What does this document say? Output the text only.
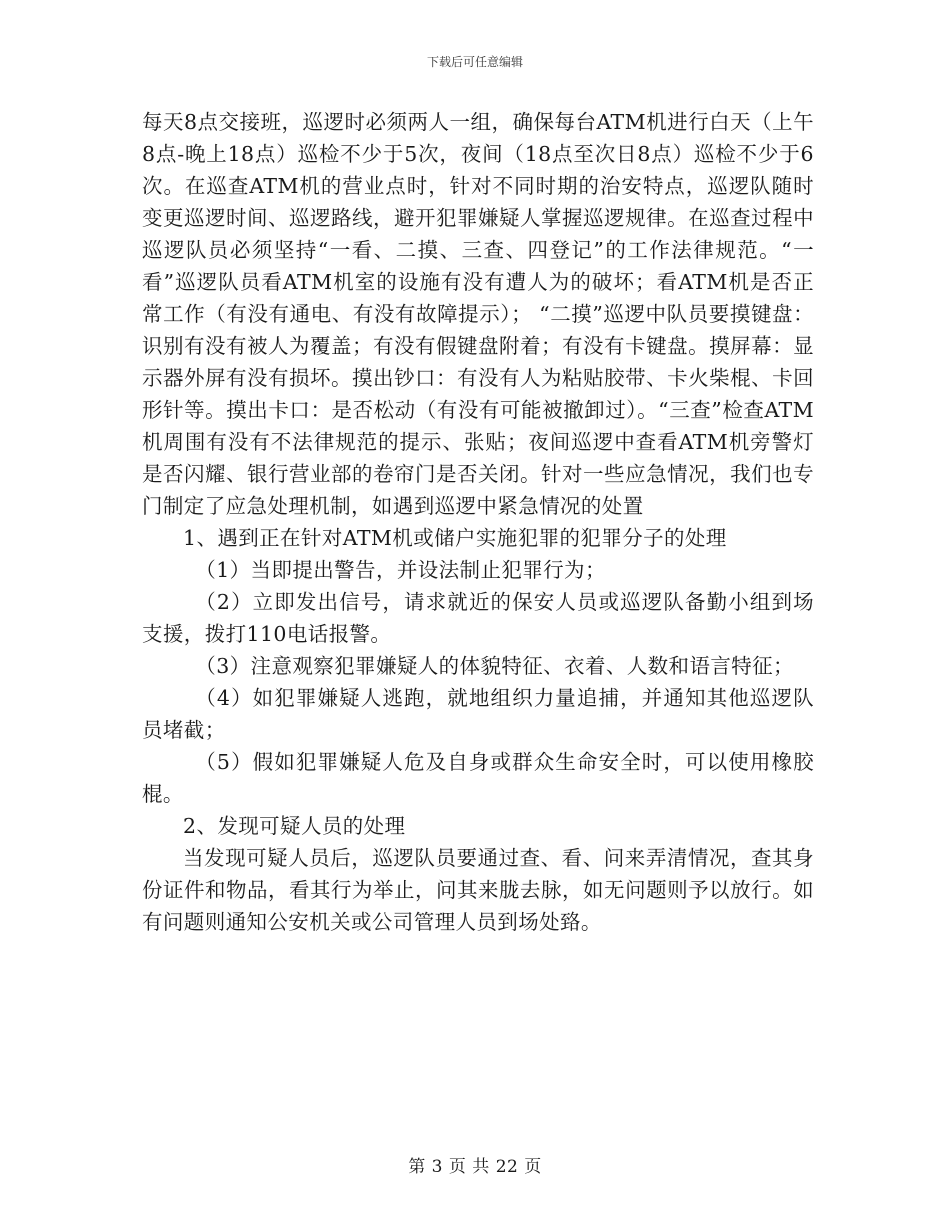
下载后可任意编辑

每天8点交接班，巡逻时必须两人一组，确保每台ATM机进行白天（上午8点-晚上18点）巡检不少于5次，夜间（18点至次日8点）巡检不少于6次。在巡查ATM机的营业点时，针对不同时期的治安特点，巡逻队随时变更巡逻时间、巡逻路线，避开犯罪嫌疑人掌握巡逻规律。在巡查过程中巡逻队员必须坚持“一看、二摸、三查、四登记”的工作法律规范。“一看”巡逻队员看ATM机室的设施有没有遭人为的破坏；看ATM机是否正常工作（有没有通电、有没有故障提示）； “二摸”巡逻中队员要摸键盘：识别有没有被人为覆盖；有没有假键盘附着；有没有卡键盘。摸屏幕：显示器外屏有没有损坏。摸出钞口：有没有人为粘贴胶带、卡火柴棍、卡回形针等。摸出卡口：是否松动（有没有可能被撤卸过）。“三查”检查ATM机周围有没有不法律规范的提示、张贴；夜间巡逻中查看ATM机旁警灯是否闪耀、银行营业部的卷帘门是否关闭。针对一些应急情况，我们也专门制定了应急处理机制，如遇到巡逻中紧急情况的处置

1、遇到正在针对ATM机或储户实施犯罪的犯罪分子的处理

（1）当即提出警告，并设法制止犯罪行为；

（2）立即发出信号，请求就近的保安人员或巡逻队备勤小组到场支援，拨打110电话报警。

（3）注意观察犯罪嫌疑人的体貌特征、衣着、人数和语言特征；

（4）如犯罪嫌疑人逃跑，就地组织力量追捕，并通知其他巡逻队员堵截；

（5）假如犯罪嫌疑人危及自身或群众生命安全时，可以使用橡胶棍。

2、发现可疑人员的处理

当发现可疑人员后，巡逻队员要通过查、看、问来弄清情况，查其身份证件和物品，看其行为举止，问其来胧去脉，如无问题则予以放行。如有问题则通知公安机关或公司管理人员到场处臵。

第 3 页 共 22 页
